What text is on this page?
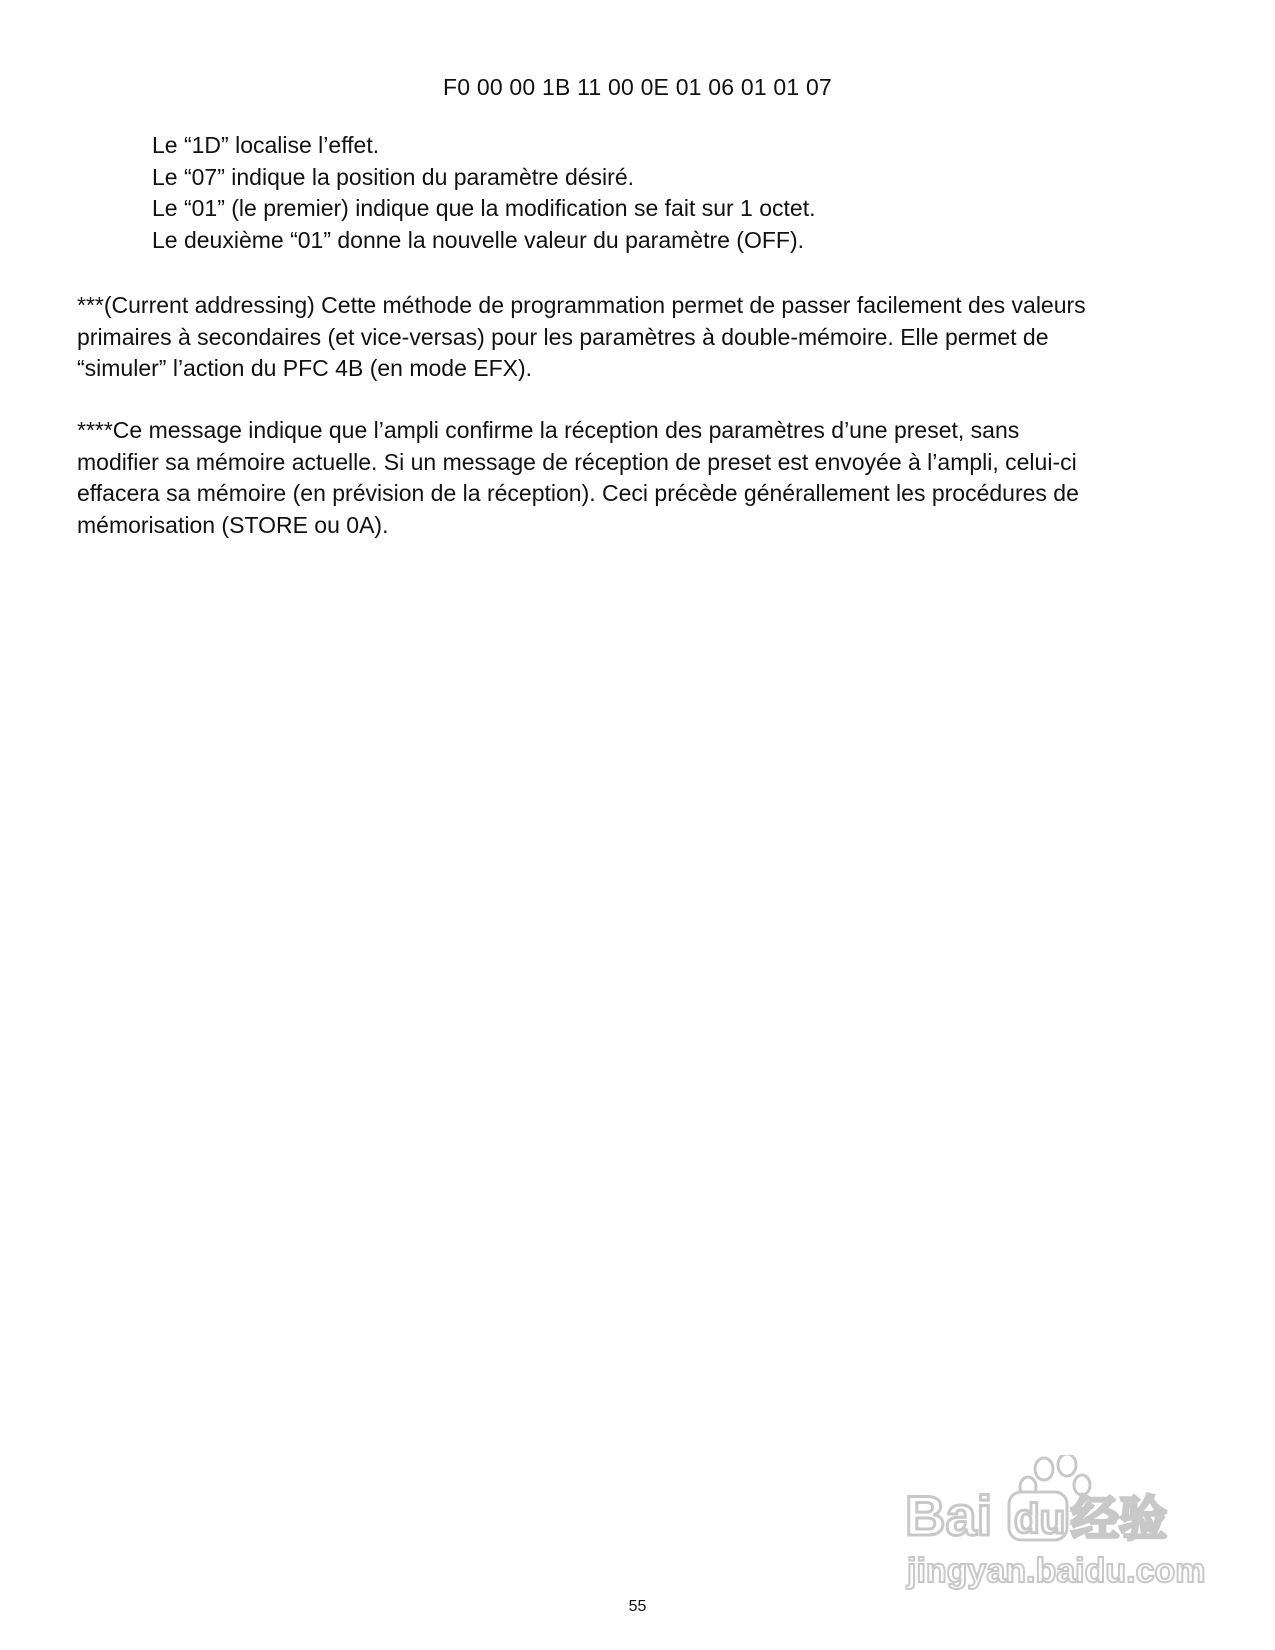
F0 00 00 1B 11 00 0E 01 06 01 01 07
Le “1D” localise l’effet.
Le “07” indique la position du paramètre désiré.
Le “01” (le premier) indique que la modification se fait sur 1 octet.
Le deuxième “01” donne la nouvelle valeur du paramètre (OFF).

***(Current addressing) Cette méthode de programmation permet de passer facilement des valeurs
primaires à secondaires (et vice-versas) pour les paramètres à double-mémoire. Elle permet de
“simuler” l’action du PFC 4B (en mode EFX).

****Ce message indique que l’ampli confirme la réception des paramètres d’une preset, sans
modifier sa mémoire actuelle. Si un message de réception de preset est envoyée à l’ampli, celui-ci
effacera sa mémoire (en prévision de la réception). Ceci précède générallement les procédures de
mémorisation (STORE ou 0A).

55
Bai du 经验
jingyan.baidu.com
